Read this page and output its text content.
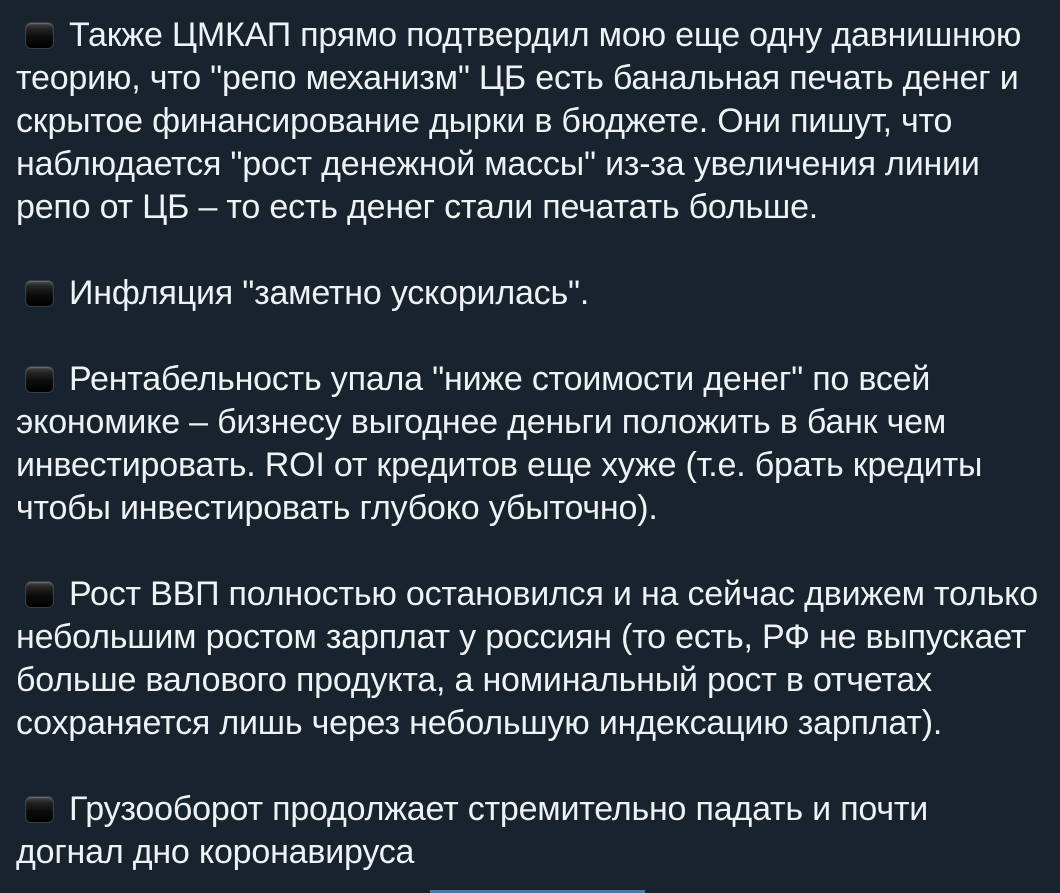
Также ЦМКАП прямо подтвердил мою еще одну давнишнюю теорию, что "репо механизм" ЦБ есть банальная печать денег и скрытое финансирование дырки в бюджете. Они пишут, что наблюдается "рост денежной массы" из-за увеличения линии репо от ЦБ – то есть денег стали печатать больше.

Инфляция "заметно ускорилась".

Рентабельность упала "ниже стоимости денег" по всей экономике – бизнесу выгоднее деньги положить в банк чем инвестировать. ROI от кредитов еще хуже (т.е. брать кредиты чтобы инвестировать глубоко убыточно).

Рост ВВП полностью остановился и на сейчас движем только небольшим ростом зарплат у россиян (то есть, РФ не выпускает больше валового продукта, а номинальный рост в отчетах сохраняется лишь через небольшую индексацию зарплат).

Грузооборот продолжает стремительно падать и почти догнал дно коронавируса
